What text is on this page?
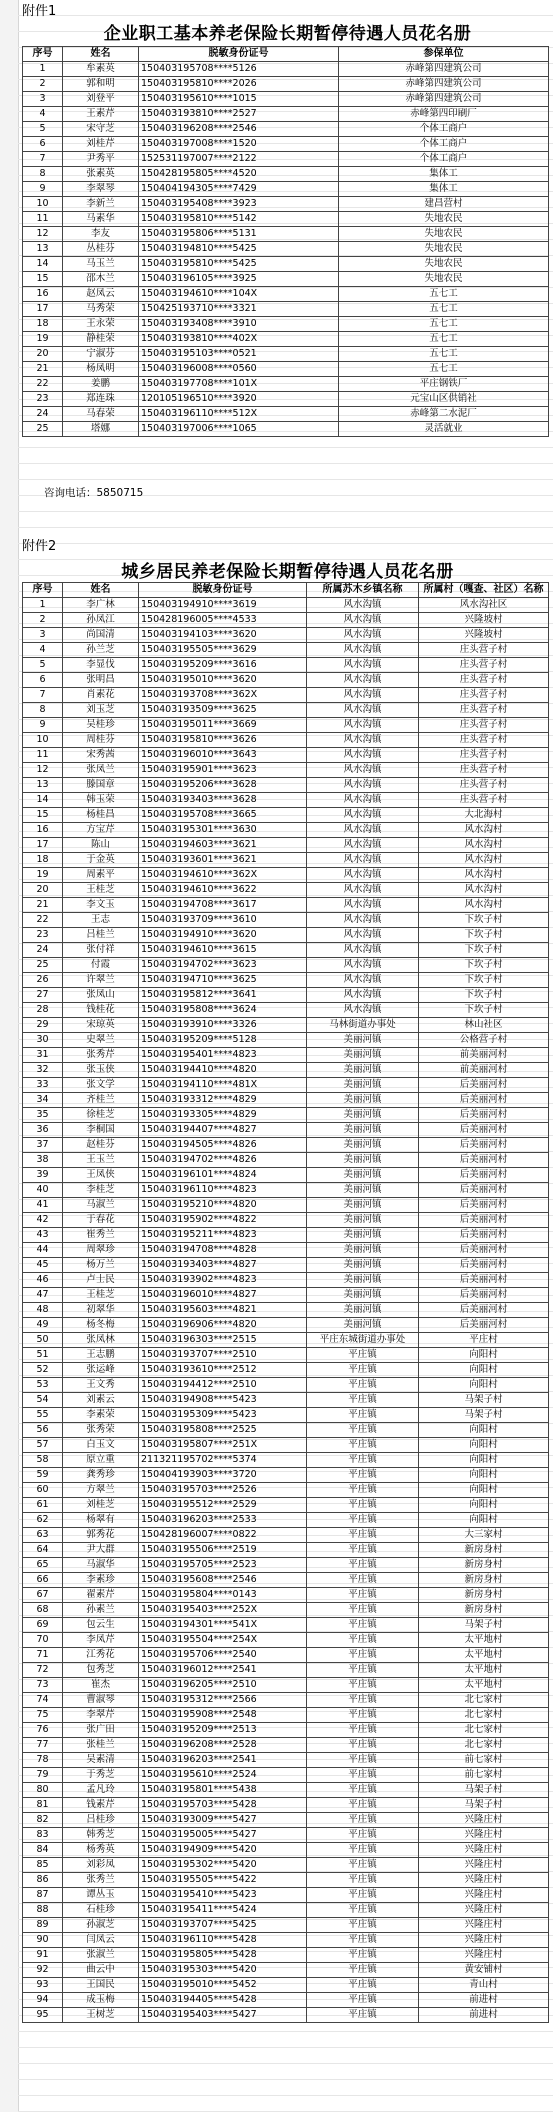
附件1
企业职工基本养老保险长期暂停待遇人员花名册
序号	姓名	脱敏身份证号	参保单位
1	牟素英	150403195708****5126	赤峰第四建筑公司
2	郭和明	150403195810****2026	赤峰第四建筑公司
3	刘登平	150403195610****1015	赤峰第四建筑公司
4	王素芹	150403193810****2527	赤峰第四印刷厂
5	宋守芝	150403196208****2546	个体工商户
6	刘桂芹	150403197008****1520	个体工商户
7	尹秀平	152531197007****2122	个体工商户
8	张素英	150428195805****4520	集体工
9	李翠琴	150404194305****7429	集体工
10	李新兰	150403195408****3923	建昌营村
11	马素华	150403195810****5142	失地农民
12	李友	150403195806****5131	失地农民
13	丛桂芬	150403194810****5425	失地农民
14	马玉兰	150403195810****5425	失地农民
15	邵木兰	150403196105****3925	失地农民
16	赵凤云	150403194610****104X	五七工
17	马秀荣	150425193710****3321	五七工
18	王永荣	150403193408****3910	五七工
19	静桂荣	150403193810****402X	五七工
20	宁淑芬	150403195103****0521	五七工
21	杨凤明	150403196008****0560	五七工
22	姜鹏	150403197708****101X	平庄钢铁厂
23	郑连珠	120105196510****3920	元宝山区供销社
24	马春荣	150403196110****512X	赤峰第二水泥厂
25	塔娜	150403197006****1065	灵活就业
咨询电话：5850715
附件2
城乡居民养老保险长期暂停待遇人员花名册
序号	姓名	脱敏身份证号	所属苏木乡镇名称	所属村（嘎查、社区）名称
1	李广林	150403194910****3619	风水沟镇	风水沟社区
2	孙凤江	150428196005****4533	风水沟镇	兴隆坡村
3	尚国清	150403194103****3620	风水沟镇	兴隆坡村
4	孙兰芝	150403195505****3629	风水沟镇	庄头营子村
5	李显伐	150403195209****3616	风水沟镇	庄头营子村
6	张明昌	150403195010****3620	风水沟镇	庄头营子村
7	肖素花	150403193708****362X	风水沟镇	庄头营子村
8	刘玉芝	150403193509****3625	风水沟镇	庄头营子村
9	吴桂珍	150403195011****3669	风水沟镇	庄头营子村
10	周桂芬	150403195810****3626	风水沟镇	庄头营子村
11	宋秀茜	150403196010****3643	风水沟镇	庄头营子村
12	张凤兰	150403195901****3623	风水沟镇	庄头营子村
13	滕国章	150403195206****3628	风水沟镇	庄头营子村
14	韩玉荣	150403193403****3628	风水沟镇	庄头营子村
15	杨桂昌	150403195708****3665	风水沟镇	大北海村
16	方宝芹	150403195301****3630	风水沟镇	风水沟村
17	陈山	150403194603****3621	风水沟镇	风水沟村
18	于金英	150403193601****3621	风水沟镇	风水沟村
19	周素平	150403194610****362X	风水沟镇	风水沟村
20	王桂芝	150403194610****3622	风水沟镇	风水沟村
21	李文玉	150403194708****3617	风水沟镇	风水沟村
22	王志	150403193709****3610	风水沟镇	下坎子村
23	吕桂兰	150403194910****3620	风水沟镇	下坎子村
24	张付祥	150403194610****3615	风水沟镇	下坎子村
25	付霞	150403194702****3623	风水沟镇	下坎子村
26	许翠兰	150403194710****3625	风水沟镇	下坎子村
27	张凤山	150403195812****3641	风水沟镇	下坎子村
28	钱桂花	150403195808****3624	风水沟镇	下坎子村
29	宋琼英	150403193910****3326	马林街道办事处	林山社区
30	史翠兰	150403195209****5128	美丽河镇	公格营子村
31	张秀芹	150403195401****4823	美丽河镇	前美丽河村
32	张玉侠	150403194410****4820	美丽河镇	前美丽河村
33	张文学	150403194110****481X	美丽河镇	后美丽河村
34	齐桂兰	150403193312****4829	美丽河镇	后美丽河村
35	徐桂芝	150403193305****4829	美丽河镇	后美丽河村
36	李桐国	150403194407****4827	美丽河镇	后美丽河村
37	赵桂芬	150403194505****4826	美丽河镇	后美丽河村
38	王玉兰	150403194702****4826	美丽河镇	后美丽河村
39	王凤侠	150403196101****4824	美丽河镇	后美丽河村
40	李桂芝	150403196110****4823	美丽河镇	后美丽河村
41	马淑兰	150403195210****4820	美丽河镇	后美丽河村
42	于春花	150403195902****4822	美丽河镇	后美丽河村
43	崔秀兰	150403195211****4823	美丽河镇	后美丽河村
44	周翠珍	150403194708****4828	美丽河镇	后美丽河村
45	杨万兰	150403193403****4827	美丽河镇	后美丽河村
46	卢士民	150403193902****4823	美丽河镇	后美丽河村
47	王桂芝	150403196010****4827	美丽河镇	后美丽河村
48	初翠华	150403195603****4821	美丽河镇	后美丽河村
49	杨冬梅	150403196906****4820	美丽河镇	后美丽河村
50	张凤林	150403196303****2515	平庄东城街道办事处	平庄村
51	王志鹏	150403193707****2510	平庄镇	向阳村
52	张运峰	150403193610****2512	平庄镇	向阳村
53	王文秀	150403194412****2510	平庄镇	向阳村
54	刘素云	150403194908****5423	平庄镇	马架子村
55	李素荣	150403195309****5423	平庄镇	马架子村
56	张秀荣	150403195808****2525	平庄镇	向阳村
57	白玉文	150403195807****251X	平庄镇	向阳村
58	原立重	211321195702****5374	平庄镇	向阳村
59	龚秀珍	150404193903****3720	平庄镇	向阳村
60	方翠兰	150403195703****2526	平庄镇	向阳村
61	刘桂芝	150403195512****2529	平庄镇	向阳村
62	杨翠有	150403196203****2533	平庄镇	向阳村
63	郭秀花	150428196007****0822	平庄镇	大三家村
64	尹大群	150403195506****2519	平庄镇	新房身村
65	马淑华	150403195705****2523	平庄镇	新房身村
66	李素珍	150403195608****2546	平庄镇	新房身村
67	翟素芹	150403195804****0143	平庄镇	新房身村
68	孙素兰	150403195403****252X	平庄镇	新房身村
69	包云生	150403194301****541X	平庄镇	马架子村
70	李凤芹	150403195504****254X	平庄镇	太平地村
71	江秀花	150403195706****2540	平庄镇	太平地村
72	包秀芝	150403196012****2541	平庄镇	太平地村
73	崔杰	150403196205****2510	平庄镇	太平地村
74	曹淑琴	150403195312****2566	平庄镇	北七家村
75	李翠芹	150403195908****2548	平庄镇	北七家村
76	张广田	150403195209****2513	平庄镇	北七家村
77	张桂兰	150403196208****2528	平庄镇	北七家村
78	吴素清	150403196203****2541	平庄镇	前七家村
79	于秀芝	150403195610****2524	平庄镇	前七家村
80	孟凡玲	150403195801****5438	平庄镇	马架子村
81	钱素芹	150403195703****5428	平庄镇	马架子村
82	吕桂珍	150403193009****5427	平庄镇	兴隆庄村
83	韩秀芝	150403195005****5427	平庄镇	兴隆庄村
84	杨秀英	150403194909****5420	平庄镇	兴隆庄村
85	刘彩凤	150403195302****5420	平庄镇	兴隆庄村
86	张秀兰	150403195505****5422	平庄镇	兴隆庄村
87	谭丛玉	150403195410****5423	平庄镇	兴隆庄村
88	石桂珍	150403195411****5424	平庄镇	兴隆庄村
89	孙淑芝	150403193707****5425	平庄镇	兴隆庄村
90	闫凤云	150403196110****5428	平庄镇	兴隆庄村
91	张淑兰	150403195805****5428	平庄镇	兴隆庄村
92	曲云中	150403195303****5420	平庄镇	黄安铺村
93	王国民	150403195010****5452	平庄镇	青山村
94	成玉梅	150403194405****5428	平庄镇	前进村
95	王树芝	150403195403****5427	平庄镇	前进村
